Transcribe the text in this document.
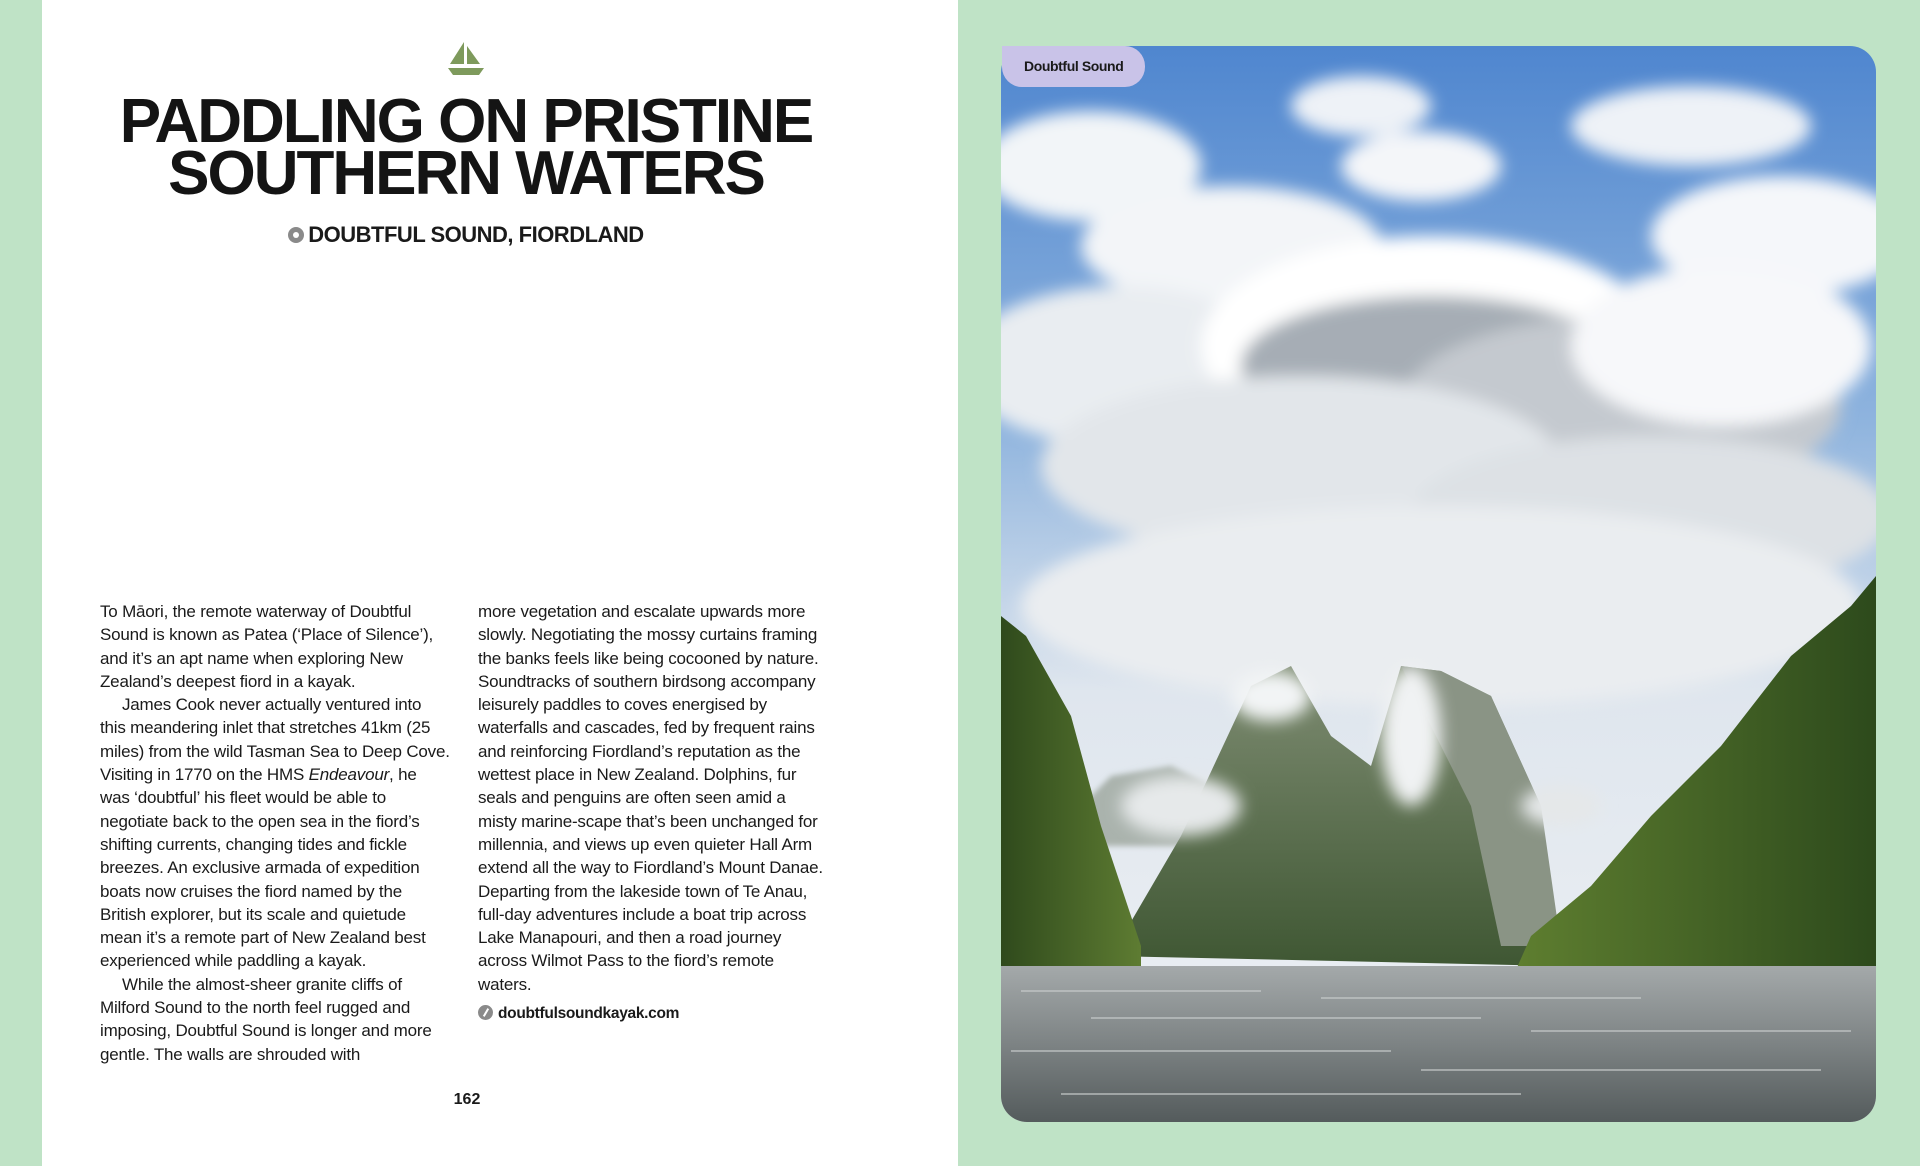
PADDLING ON PRISTINE
SOUTHERN WATERS
DOUBTFUL SOUND, FIORDLAND

To Māori, the remote waterway of Doubtful Sound is known as Patea (‘Place of Silence’), and it’s an apt name when exploring New Zealand’s deepest fiord in a kayak.

James Cook never actually ventured into this meandering inlet that stretches 41km (25 miles) from the wild Tasman Sea to Deep Cove. Visiting in 1770 on the HMS Endeavour, he was ‘doubtful’ his fleet would be able to negotiate back to the open sea in the fiord’s shifting currents, changing tides and fickle breezes. An exclusive armada of expedition boats now cruises the fiord named by the British explorer, but its scale and quietude mean it’s a remote part of New Zealand best experienced while paddling a kayak.

While the almost-sheer granite cliffs of Milford Sound to the north feel rugged and imposing, Doubtful Sound is longer and more gentle. The walls are shrouded with

more vegetation and escalate upwards more slowly. Negotiating the mossy curtains framing the banks feels like being cocooned by nature. Soundtracks of southern birdsong accompany leisurely paddles to coves energised by waterfalls and cascades, fed by frequent rains and reinforcing Fiordland’s reputation as the wettest place in New Zealand. Dolphins, fur seals and penguins are often seen amid a misty marine-scape that’s been unchanged for millennia, and views up even quieter Hall Arm extend all the way to Fiordland’s Mount Danae. Departing from the lakeside town of Te Anau, full-day adventures include a boat trip across Lake Manapouri, and then a road journey across Wilmot Pass to the fiord’s remote waters.

doubtfulsoundkayak.com
162
Doubtful Sound
